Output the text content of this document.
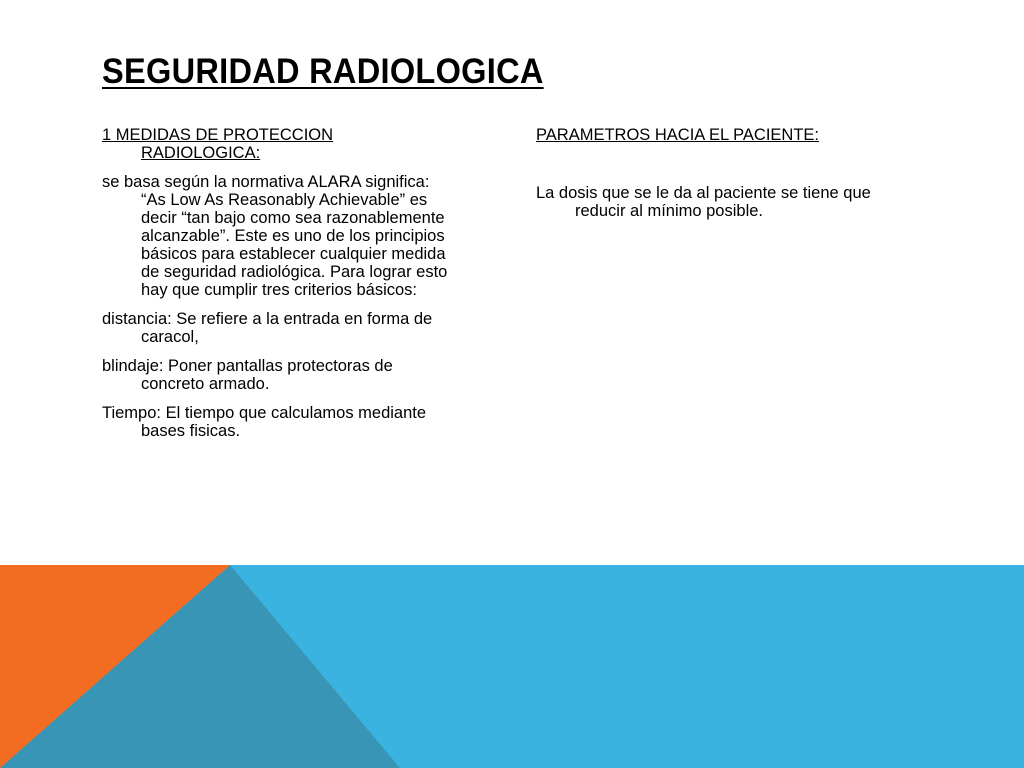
SEGURIDAD RADIOLOGICA

1 MEDIDAS DE PROTECCION RADIOLOGICA:

se basa según la normativa ALARA significa: “As Low As Reasonably Achievable” es decir “tan bajo como sea razonablemente alcanzable”. Este es uno de los principios básicos para establecer cualquier medida de seguridad radiológica. Para lograr esto hay que cumplir tres criterios básicos:

distancia: Se refiere a la entrada en forma de caracol,

blindaje: Poner pantallas protectoras de concreto armado.

Tiempo: El tiempo que calculamos mediante bases fisicas.

PARAMETROS HACIA EL PACIENTE:

La dosis que se le da al paciente se tiene que reducir al mínimo posible.
